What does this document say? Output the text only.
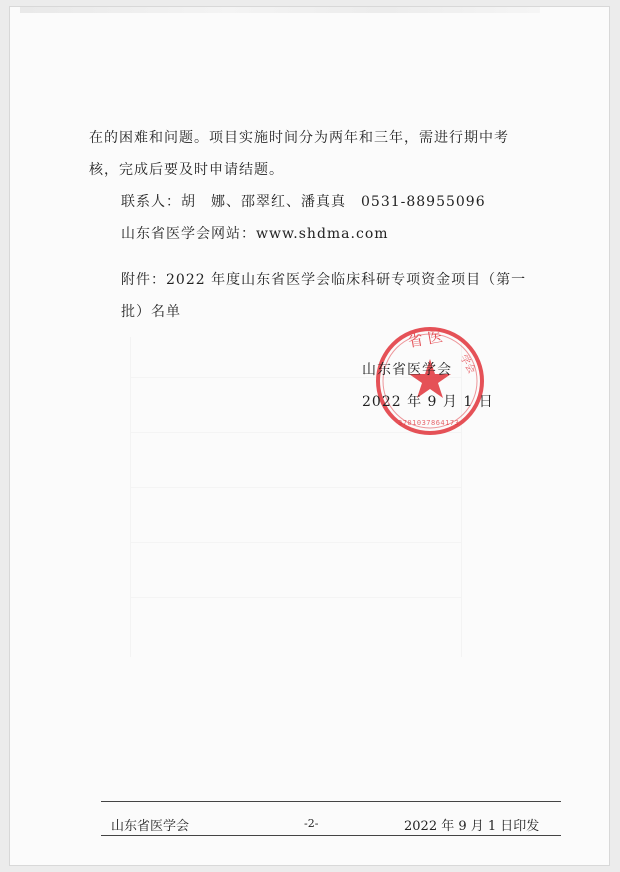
在的困难和问题。项目实施时间分为两年和三年，需进行期中考
核，完成后要及时申请结题。
联系人：胡　娜、邵翠红、潘真真　0531-88955096
山东省医学会网站：www.shdma.com
附件：2022 年度山东省医学会临床科研专项资金项目（第一
批）名单
省 医
学会
3701037864173
山东省医学会
2022 年 9 月 1 日
山东省医学会	-2-	2022 年 9 月 1 日印发
